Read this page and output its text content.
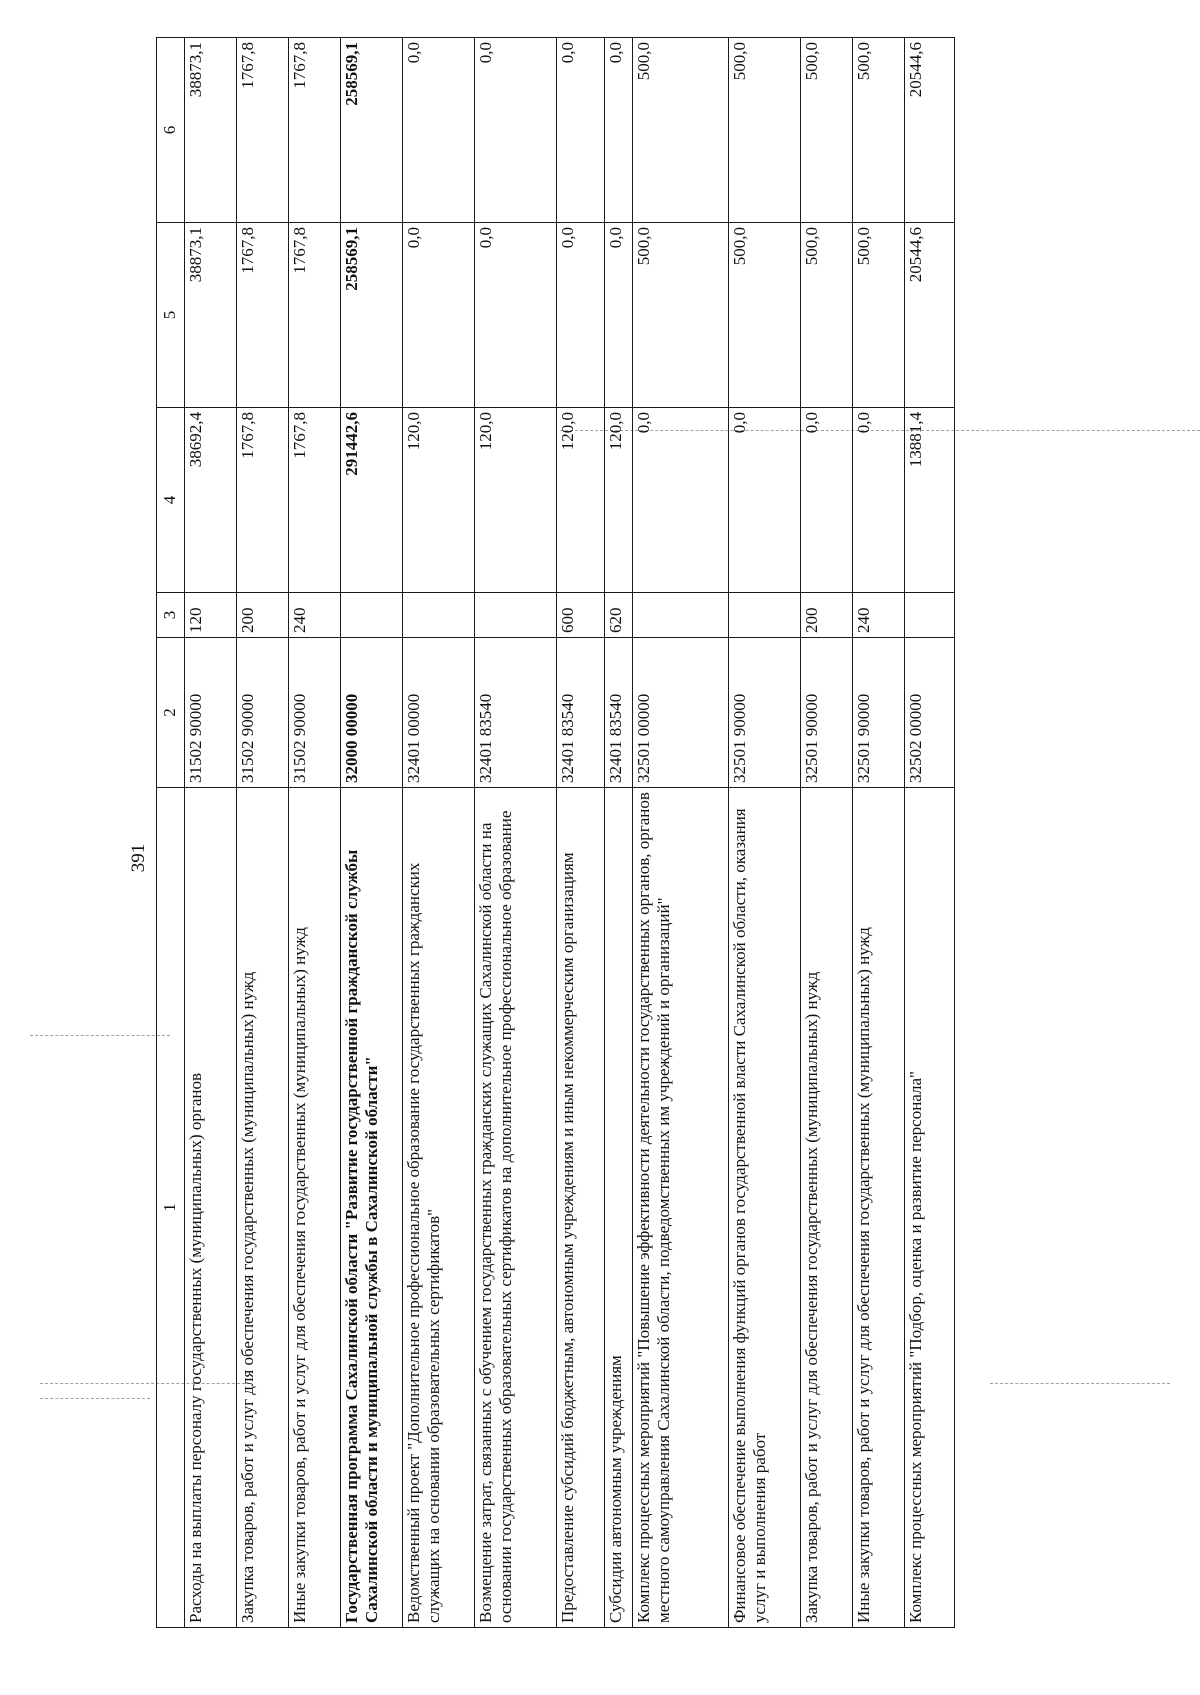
391
1	2	3	4	5	6
Расходы на выплаты персоналу государственных (муниципальных) органов	31502 90000	120	38692,4	38873,1	38873,1
Закупка товаров, работ и услуг для обеспечения государственных (муниципальных) нужд	31502 90000	200	1767,8	1767,8	1767,8
Иные закупки товаров, работ и услуг для обеспечения государственных (муниципальных) нужд	31502 90000	240	1767,8	1767,8	1767,8
Государственная программа Сахалинской области "Развитие государственной гражданской службы Сахалинской области и муниципальной службы в Сахалинской области"	32000 00000		291442,6	258569,1	258569,1
Ведомственный проект "Дополнительное профессиональное образование государственных гражданских служащих на основании образовательных сертификатов"	32401 00000		120,0	0,0	0,0
Возмещение затрат, связанных с обучением государственных гражданских служащих Сахалинской области на основании государственных образовательных сертификатов на дополнительное профессиональное образование	32401 83540		120,0	0,0	0,0
Предоставление субсидий бюджетным, автономным учреждениям и иным некоммерческим организациям	32401 83540	600	120,0	0,0	0,0
Субсидии автономным учреждениям	32401 83540	620	120,0	0,0	0,0
Комплекс процессных мероприятий "Повышение эффективности деятельности государственных органов, органов местного самоуправления Сахалинской области, подведомственных им учреждений и организаций"	32501 00000		0,0	500,0	500,0
Финансовое обеспечение выполнения функций органов государственной власти Сахалинской области, оказания услуг и выполнения работ	32501 90000		0,0	500,0	500,0
Закупка товаров, работ и услуг для обеспечения государственных (муниципальных) нужд	32501 90000	200	0,0	500,0	500,0
Иные закупки товаров, работ и услуг для обеспечения государственных (муниципальных) нужд	32501 90000	240	0,0	500,0	500,0
Комплекс процессных мероприятий "Подбор, оценка и развитие персонала"	32502 00000		13881,4	20544,6	20544,6
